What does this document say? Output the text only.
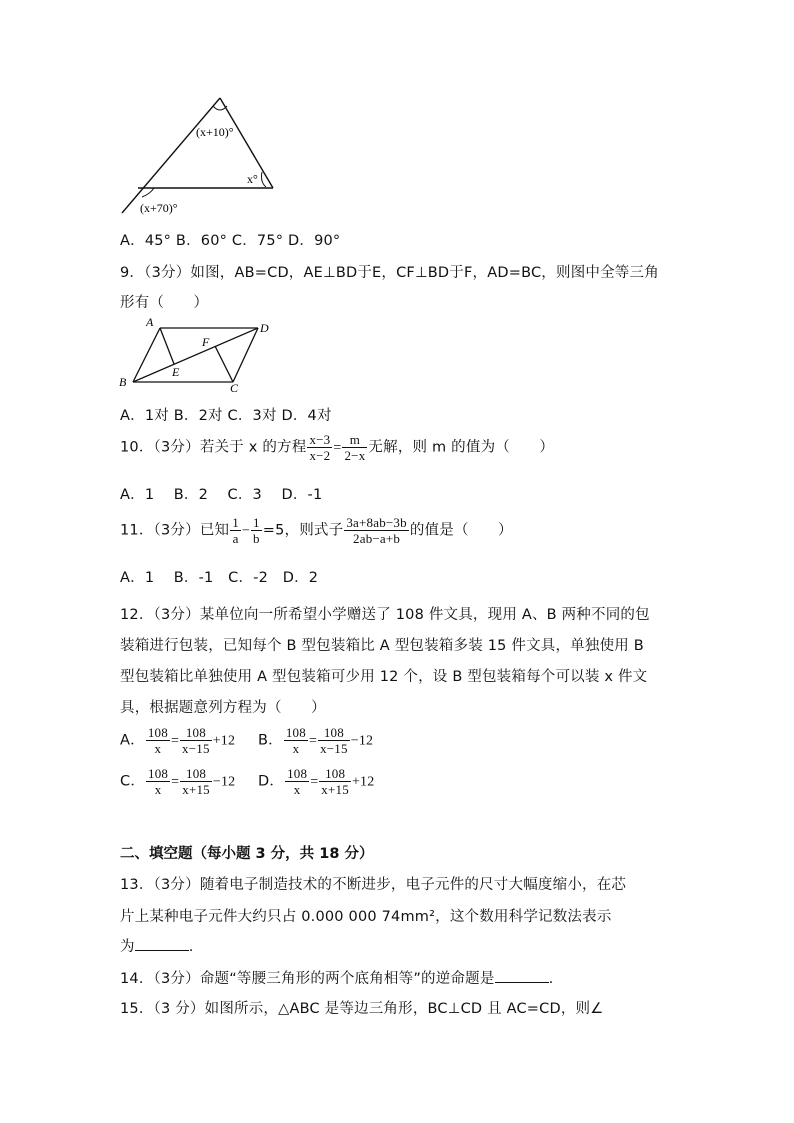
(x+10)°
x°
(x+70)°
A．45° B．60° C．75° D．90°
9．（3分）如图，AB=CD，AE⊥BD于E，CF⊥BD于F，AD=BC，则图中全等三角
形有（　　）
A	D
B	C
E
F
A．1对 B．2对 C．3对 D．4对
10．（3分）若关于 x 的方程 $\frac{x-3}{x-2} = \frac{m}{2-x}$ 无解，则 m 的值为（　　）
A．1　 B．2　 C．3　 D．-1
11．（3分）已知 $\frac{1}{a} - \frac{1}{b} =5$，则式子 $\frac{3a+8ab-3b}{2ab-a+b}$ 的值是（　　）
A．1　 B．-1　C．-2　D．2
12．（3分）某单位向一所希望小学赠送了 108 件文具，现用 A、B 两种不同的包
装箱进行包装，已知每个 B 型包装箱比 A 型包装箱多装 15 件文具，单独使用 B
型包装箱比单独使用 A 型包装箱可少用 12 个，设 B 型包装箱每个可以装 x 件文
具，根据题意列方程为（　　）
A． $\frac{108}{x} = \frac{108}{x-15} +12$ B． $\frac{108}{x} = \frac{108}{x-15} -12$
C． $\frac{108}{x} = \frac{108}{x+15} -12$ D． $\frac{108}{x} = \frac{108}{x+15} +12$
二、填空题（每小题 3 分，共 18 分）
13．（3分）随着电子制造技术的不断进步，电子元件的尺寸大幅度缩小，在芯
片上某种电子元件大约只占 0.000 000 74mm²，这个数用科学记数法表示
为	.
14．（3分）命题“等腰三角形的两个底角相等”的逆命题是	.
15．（3 分）如图所示，△ABC 是等边三角形，BC⊥CD 且 AC=CD，则∠
